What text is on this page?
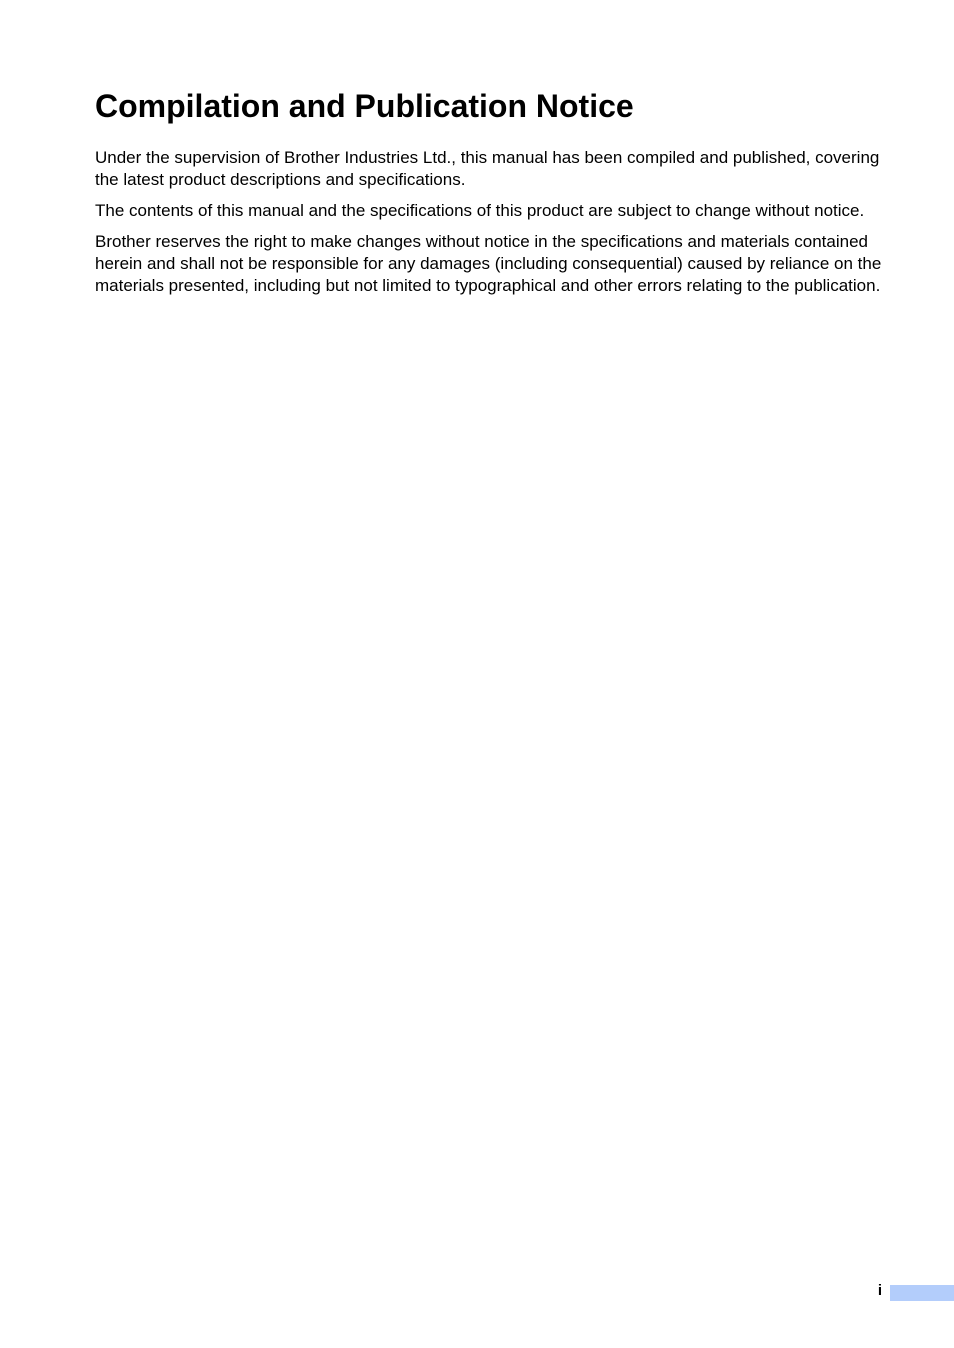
Compilation and Publication Notice

Under the supervision of Brother Industries Ltd., this manual has been compiled and published, covering the latest product descriptions and specifications.

The contents of this manual and the specifications of this product are subject to change without notice.

Brother reserves the right to make changes without notice in the specifications and materials contained herein and shall not be responsible for any damages (including consequential) caused by reliance on the materials presented, including but not limited to typographical and other errors relating to the publication.

i
